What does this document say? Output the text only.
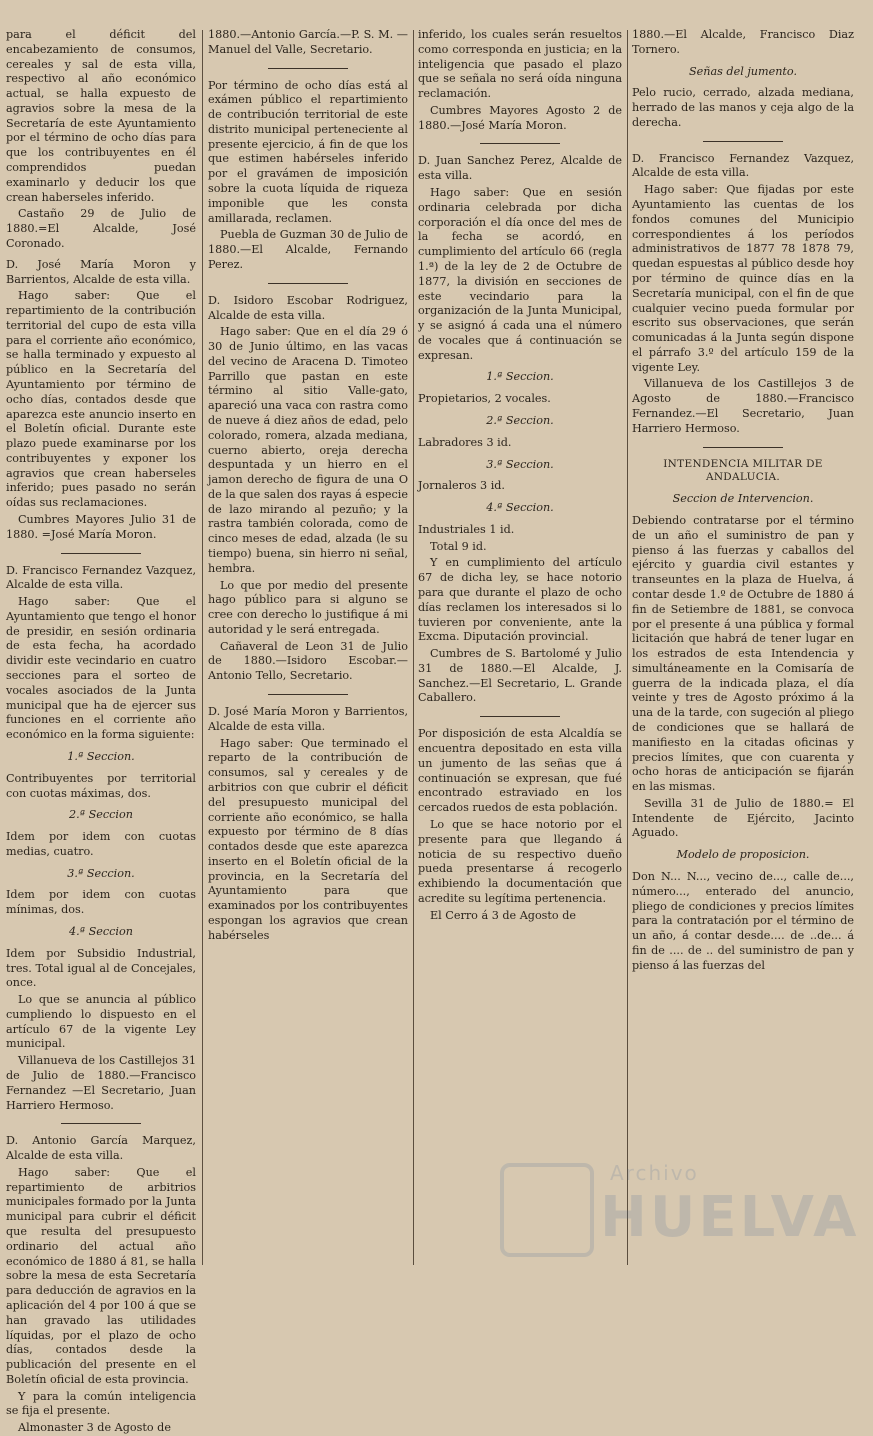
para el déficit del encabezamiento de consumos, cereales y sal de esta villa, respectivo al año económico actual, se halla expuesto de agravios sobre la mesa de la Secretaría de este Ayuntamiento por el término de ocho días para que los contribuyentes en él comprendidos puedan examinarlo y deducir los que crean haberseles inferido.

Castaño 29 de Julio de 1880.=El Alcalde, José Coronado.

D. José María Moron y Barrientos, Alcalde de esta villa.

Hago saber: Que el repartimiento de la contribución territorial del cupo de esta villa para el corriente año económico, se halla terminado y expuesto al público en la Secretaría del Ayuntamiento por término de ocho días, contados desde que aparezca este anuncio inserto en el Boletín oficial. Durante este plazo puede examinarse por los contribuyentes y exponer los agravios que crean haberseles inferido; pues pasado no serán oídas sus reclamaciones.

Cumbres Mayores Julio 31 de 1880. =José María Moron.

D. Francisco Fernandez Vazquez, Alcalde de esta villa.

Hago saber: Que el Ayuntamiento que tengo el honor de presidir, en sesión ordinaria de esta fecha, ha acordado dividir este vecindario en cuatro secciones para el sorteo de vocales asociados de la Junta municipal que ha de ejercer sus funciones en el corriente año económico en la forma siguiente:

1.ª Seccion.

Contribuyentes por territorial con cuotas máximas, dos.

2.ª Seccion

Idem por idem con cuotas medias, cuatro.

3.ª Seccion.

Idem por idem con cuotas mínimas, dos.

4.ª Seccion

Idem por Subsidio Industrial, tres. Total igual al de Concejales, once.

Lo que se anuncia al público cumpliendo lo dispuesto en el artículo 67 de la vigente Ley municipal.

Villanueva de los Castillejos 31 de Julio de 1880.—Francisco Fernandez —El Secretario, Juan Harriero Hermoso.

D. Antonio García Marquez, Alcalde de esta villa.

Hago saber: Que el repartimiento de arbitrios municipales formado por la Junta municipal para cubrir el déficit que resulta del presupuesto ordinario del actual año económico de 1880 á 81, se halla sobre la mesa de esta Secretaría para deducción de agravios en la aplicación del 4 por 100 á que se han gravado las utilidades líquidas, por el plazo de ocho días, contados desde la publicación del presente en el Boletín oficial de esta provincia.

Y para la común inteligencia se fija el presente.

Almonaster 3 de Agosto de

1880.—Antonio García.—P. S. M. —Manuel del Valle, Secretario.

Por término de ocho días está al exámen público el repartimiento de contribución territorial de este distrito municipal perteneciente al presente ejercicio, á fin de que los que estimen habérseles inferido por el gravámen de imposición sobre la cuota líquida de riqueza imponible que les consta amillarada, reclamen.

Puebla de Guzman 30 de Julio de 1880.—El Alcalde, Fernando Perez.

D. Isidoro Escobar Rodriguez, Alcalde de esta villa.

Hago saber: Que en el día 29 ó 30 de Junio último, en las vacas del vecino de Aracena D. Timoteo Parrillo que pastan en este término al sitio Valle-gato, apareció una vaca con rastra como de nueve á diez años de edad, pelo colorado, romera, alzada mediana, cuerno abierto, oreja derecha despuntada y un hierro en el jamon derecho de figura de una O de la que salen dos rayas á especie de lazo mirando al pezuño; y la rastra también colorada, como de cinco meses de edad, alzada (le su tiempo) buena, sin hierro ni señal, hembra.

Lo que por medio del presente hago público para si alguno se cree con derecho lo justifique á mi autoridad y le será entregada.

Cañaveral de Leon 31 de Julio de 1880.—Isidoro Escobar.—Antonio Tello, Secretario.

D. José María Moron y Barrientos, Alcalde de esta villa.

Hago saber: Que terminado el reparto de la contribución de consumos, sal y cereales y de arbitrios con que cubrir el déficit del presupuesto municipal del corriente año económico, se halla expuesto por término de 8 días contados desde que este aparezca inserto en el Boletín oficial de la provincia, en la Secretaría del Ayuntamiento para que examinados por los contribuyentes espongan los agravios que crean habérseles

inferido, los cuales serán resueltos como corresponda en justicia; en la inteligencia que pasado el plazo que se señala no será oída ninguna reclamación.

Cumbres Mayores Agosto 2 de 1880.—José María Moron.

D. Juan Sanchez Perez, Alcalde de esta villa.

Hago saber: Que en sesión ordinaria celebrada por dicha corporación el día once del mes de la fecha se acordó, en cumplimiento del artículo 66 (regla 1.ª) de la ley de 2 de Octubre de 1877, la división en secciones de este vecindario para la organización de la Junta Municipal, y se asignó á cada una el número de vocales que á continuación se expresan.

1.ª Seccion.

Propietarios, 2 vocales.

2.ª Seccion.

Labradores 3 id.

3.ª Seccion.

Jornaleros 3 id.

4.ª Seccion.

Industriales 1 id.

Total 9 id.

Y en cumplimiento del artículo 67 de dicha ley, se hace notorio para que durante el plazo de ocho días reclamen los interesados si lo tuvieren por conveniente, ante la Excma. Diputación provincial.

Cumbres de S. Bartolomé y Julio 31 de 1880.—El Alcalde, J. Sanchez.—El Secretario, L. Grande Caballero.

Por disposición de esta Alcaldía se encuentra depositado en esta villa un jumento de las señas que á continuación se expresan, que fué encontrado estraviado en los cercados ruedos de esta población.

Lo que se hace notorio por el presente para que llegando á noticia de su respectivo dueño pueda presentarse á recogerlo exhibiendo la documentación que acredite su legítima pertenencia.

El Cerro á 3 de Agosto de

1880.—El Alcalde, Francisco Diaz Tornero.

Señas del jumento.

Pelo rucio, cerrado, alzada mediana, herrado de las manos y ceja algo de la derecha.

D. Francisco Fernandez Vazquez, Alcalde de esta villa.

Hago saber: Que fijadas por este Ayuntamiento las cuentas de los fondos comunes del Municipio correspondientes á los períodos administrativos de 1877 78 1878 79, quedan espuestas al público desde hoy por término de quince días en la Secretaría municipal, con el fin de que cualquier vecino pueda formular por escrito sus observaciones, que serán comunicadas á la Junta según dispone el párrafo 3.º del artículo 159 de la vigente Ley.

Villanueva de los Castillejos 3 de Agosto de 1880.—Francisco Fernandez.—El Secretario, Juan Harriero Hermoso.

INTENDENCIA MILITAR DE ANDALUCIA.

Seccion de Intervencion.

Debiendo contratarse por el término de un año el suministro de pan y pienso á las fuerzas y caballos del ejército y guardia civil estantes y transeuntes en la plaza de Huelva, á contar desde 1.º de Octubre de 1880 á fin de Setiembre de 1881, se convoca por el presente á una pública y formal licitación que habrá de tener lugar en los estrados de esta Intendencia y simultáneamente en la Comisaría de guerra de la indicada plaza, el día veinte y tres de Agosto próximo á la una de la tarde, con sugeción al pliego de condiciones que se hallará de manifiesto en la citadas oficinas y precios límites, que con cuarenta y ocho horas de anticipación se fijarán en las mismas.

Sevilla 31 de Julio de 1880.= El Intendente de Ejército, Jacinto Aguado.

Modelo de proposicion.

Don N... N..., vecino de..., calle de..., número..., enterado del anuncio, pliego de condiciones y precios límites para la contratación por el término de un año, á contar desde.... de ..de... á fin de .... de .. del suministro de pan y pienso á las fuerzas del

Archivo
HUELVA
